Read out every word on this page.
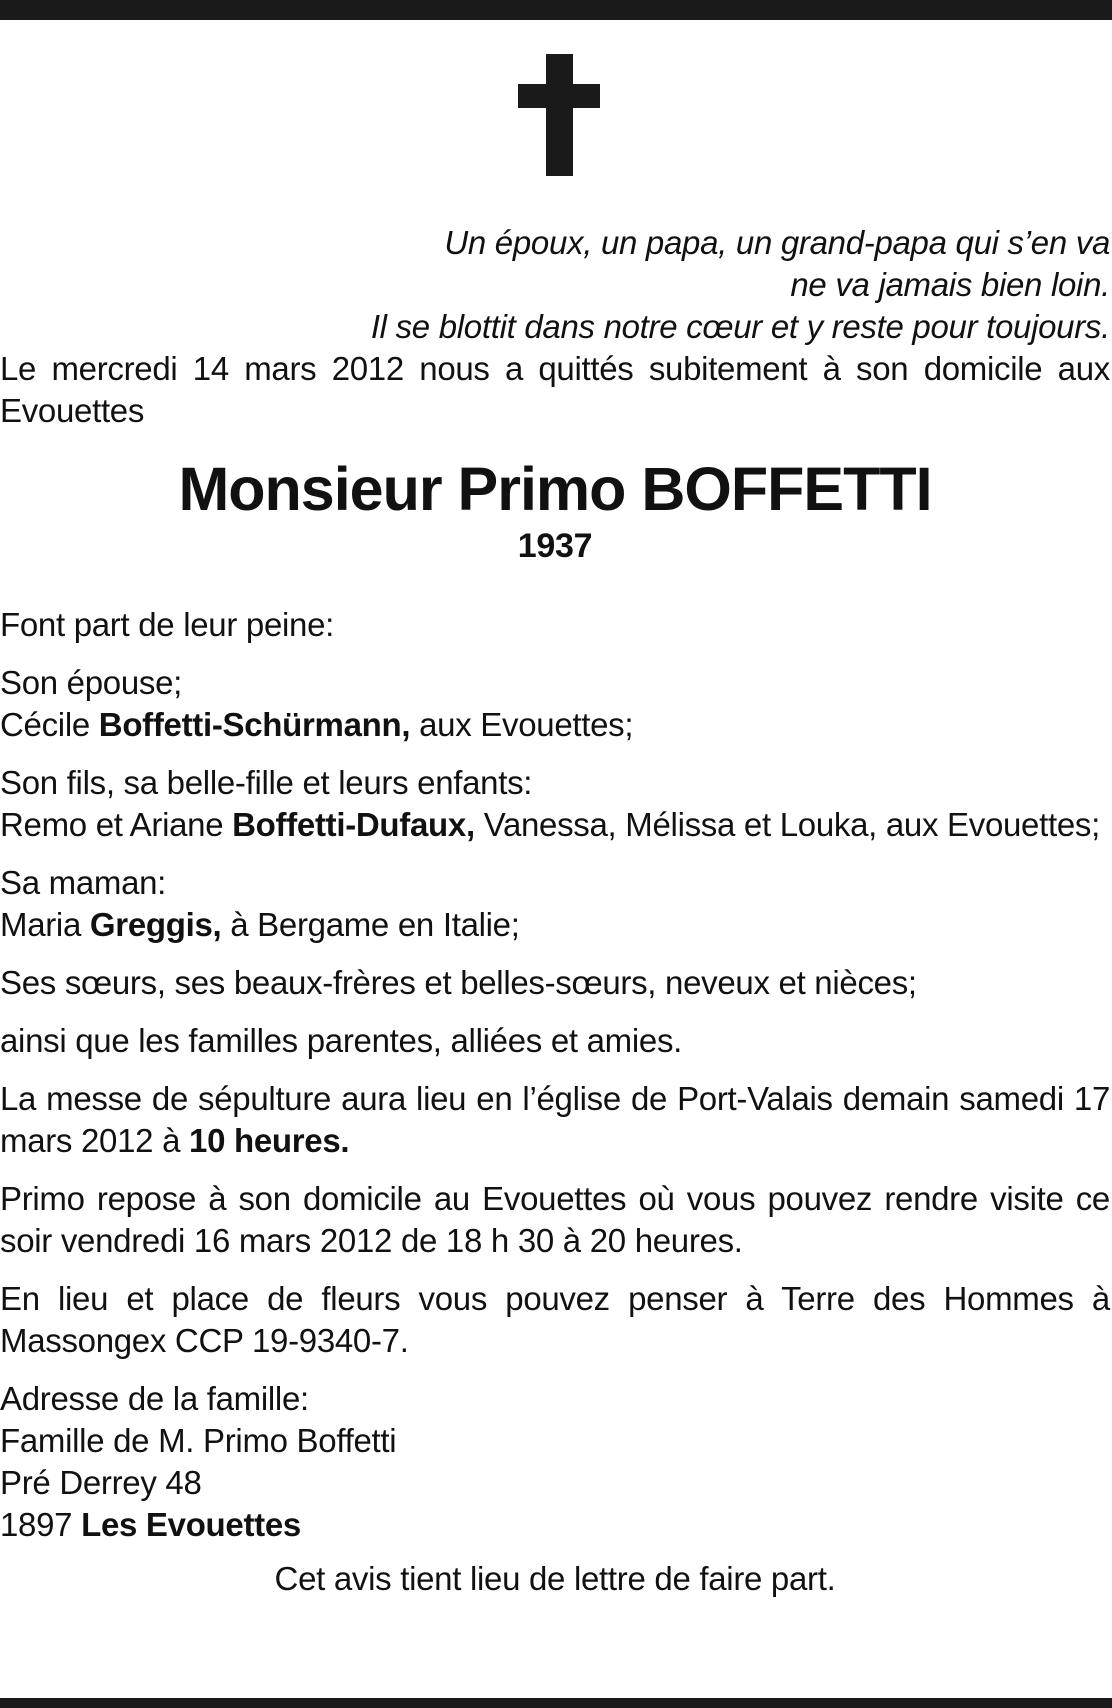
Un époux, un papa, un grand-papa qui s’en va
ne va jamais bien loin.
Il se blottit dans notre cœur et y reste pour toujours.
Le mercredi 14 mars 2012 nous a quittés subitement à son domicile aux Evouettes
Monsieur Primo BOFFETTI
1937
Font part de leur peine:
Son épouse;
Cécile Boffetti-Schürmann, aux Evouettes;
Son fils, sa belle-fille et leurs enfants:
Remo et Ariane Boffetti-Dufaux, Vanessa, Mélissa et Louka, aux Evouettes;
Sa maman:
Maria Greggis, à Bergame en Italie;
Ses sœurs, ses beaux-frères et belles-sœurs, neveux et nièces;
ainsi que les familles parentes, alliées et amies.
La messe de sépulture aura lieu en l’église de Port-Valais demain samedi 17 mars 2012 à 10 heures.
Primo repose à son domicile au Evouettes où vous pouvez rendre visite ce soir vendredi 16 mars 2012 de 18 h 30 à 20 heures.
En lieu et place de fleurs vous pouvez penser à Terre des Hommes à Massongex CCP 19-9340-7.
Adresse de la famille:
Famille de M. Primo Boffetti
Pré Derrey 48
1897 Les Evouettes
Cet avis tient lieu de lettre de faire part.
